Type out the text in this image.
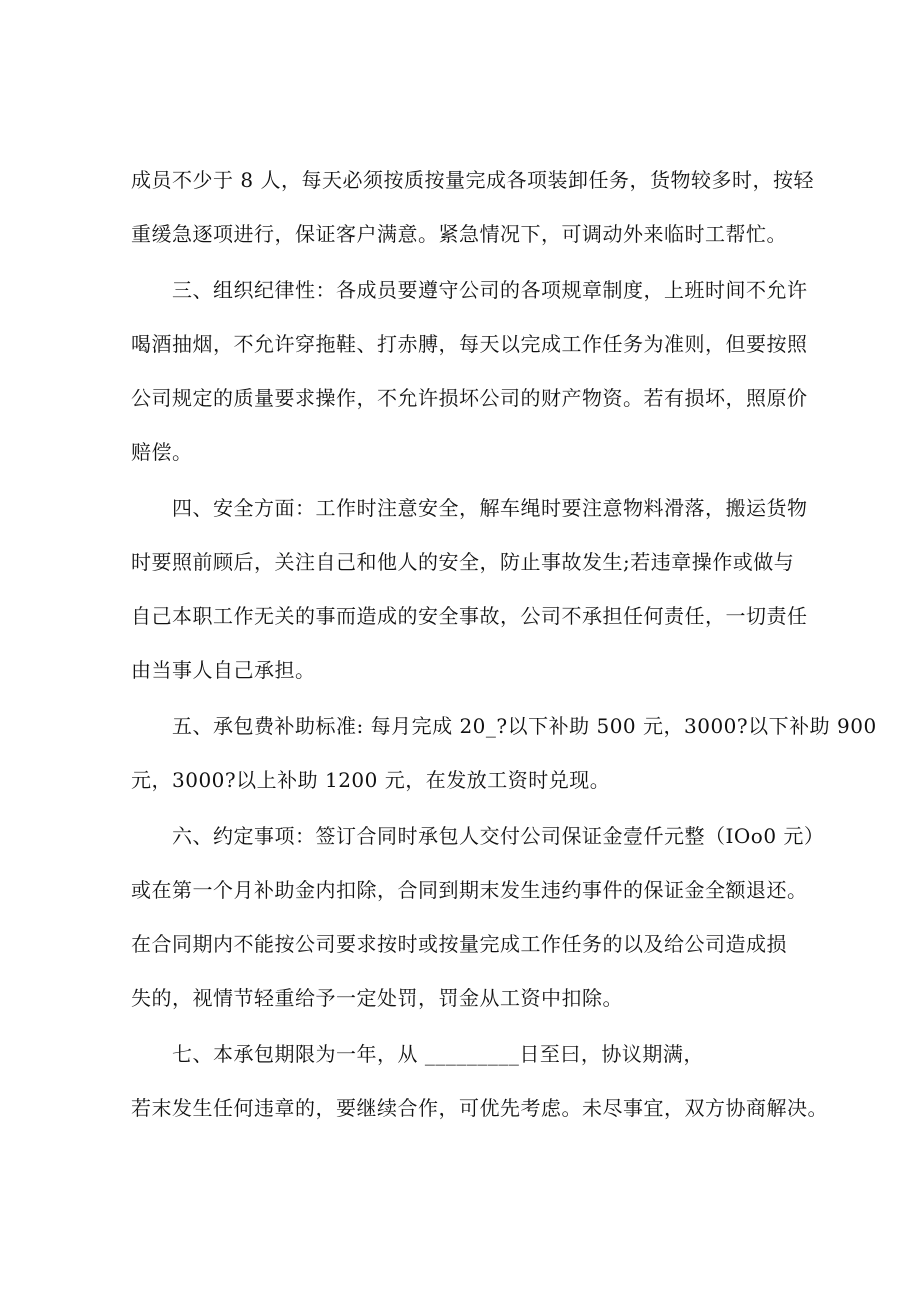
成员不少于 8 人，每天必须按质按量完成各项装卸任务，货物较多时，按轻
重缓急逐项进行，保证客户满意。紧急情况下，可调动外来临时工帮忙。
三、组织纪律性：各成员要遵守公司的各项规章制度，上班时间不允许
喝酒抽烟，不允许穿拖鞋、打赤膊，每天以完成工作任务为准则，但要按照
公司规定的质量要求操作，不允许损坏公司的财产物资。若有损坏，照原价
赔偿。
四、安全方面：工作时注意安全，解车绳时要注意物料滑落，搬运货物
时要照前顾后，关注自己和他人的安全，防止事故发生;若违章操作或做与
自己本职工作无关的事而造成的安全事故，公司不承担任何责任，一切责任
由当事人自己承担。
五、承包费补助标准: 每月完成 20_?以下补助 500 元，3000?以下补助 900
元，3000?以上补助 1200 元，在发放工资时兑现。
六、约定事项：签订合同时承包人交付公司保证金壹仟元整（IOo0 元）
或在第一个月补助金内扣除，合同到期末发生违约事件的保证金全额退还。
在合同期内不能按公司要求按时或按量完成工作任务的以及给公司造成损
失的，视情节轻重给予一定处罚，罚金从工资中扣除。
七、本承包期限为一年，从 _________日至曰，协议期满，
若末发生任何违章的，要继续合作，可优先考虑。未尽事宜，双方协商解决。
